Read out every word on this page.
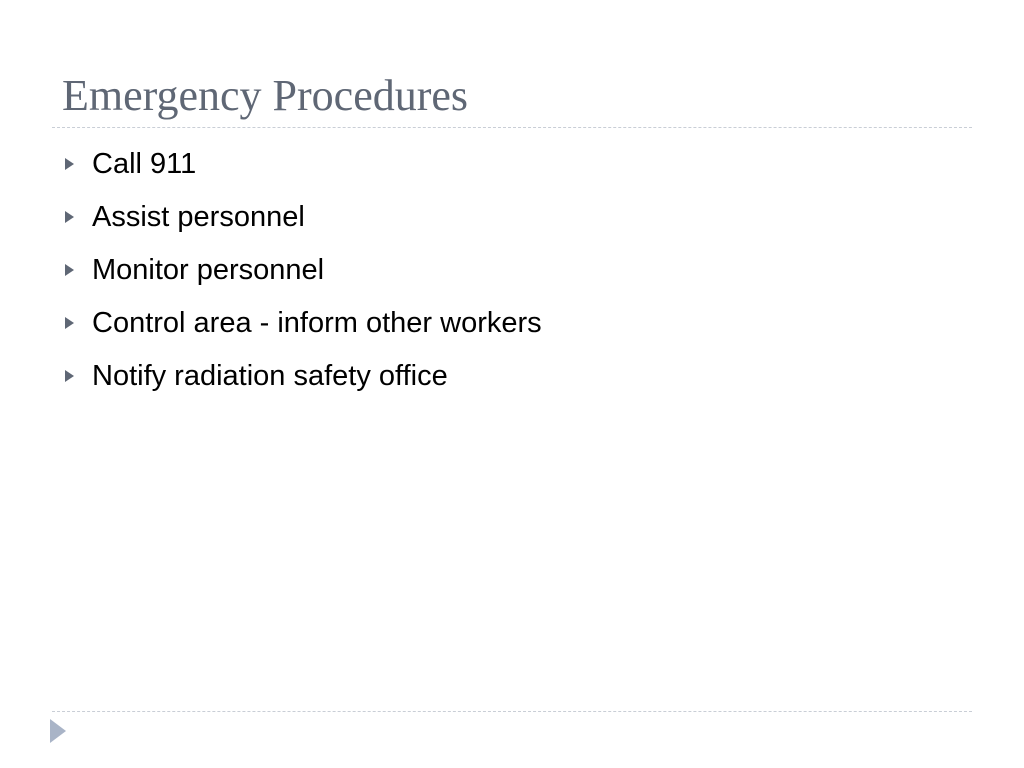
Emergency Procedures
Call 911
Assist personnel
Monitor personnel
Control area - inform other workers
Notify radiation safety office
